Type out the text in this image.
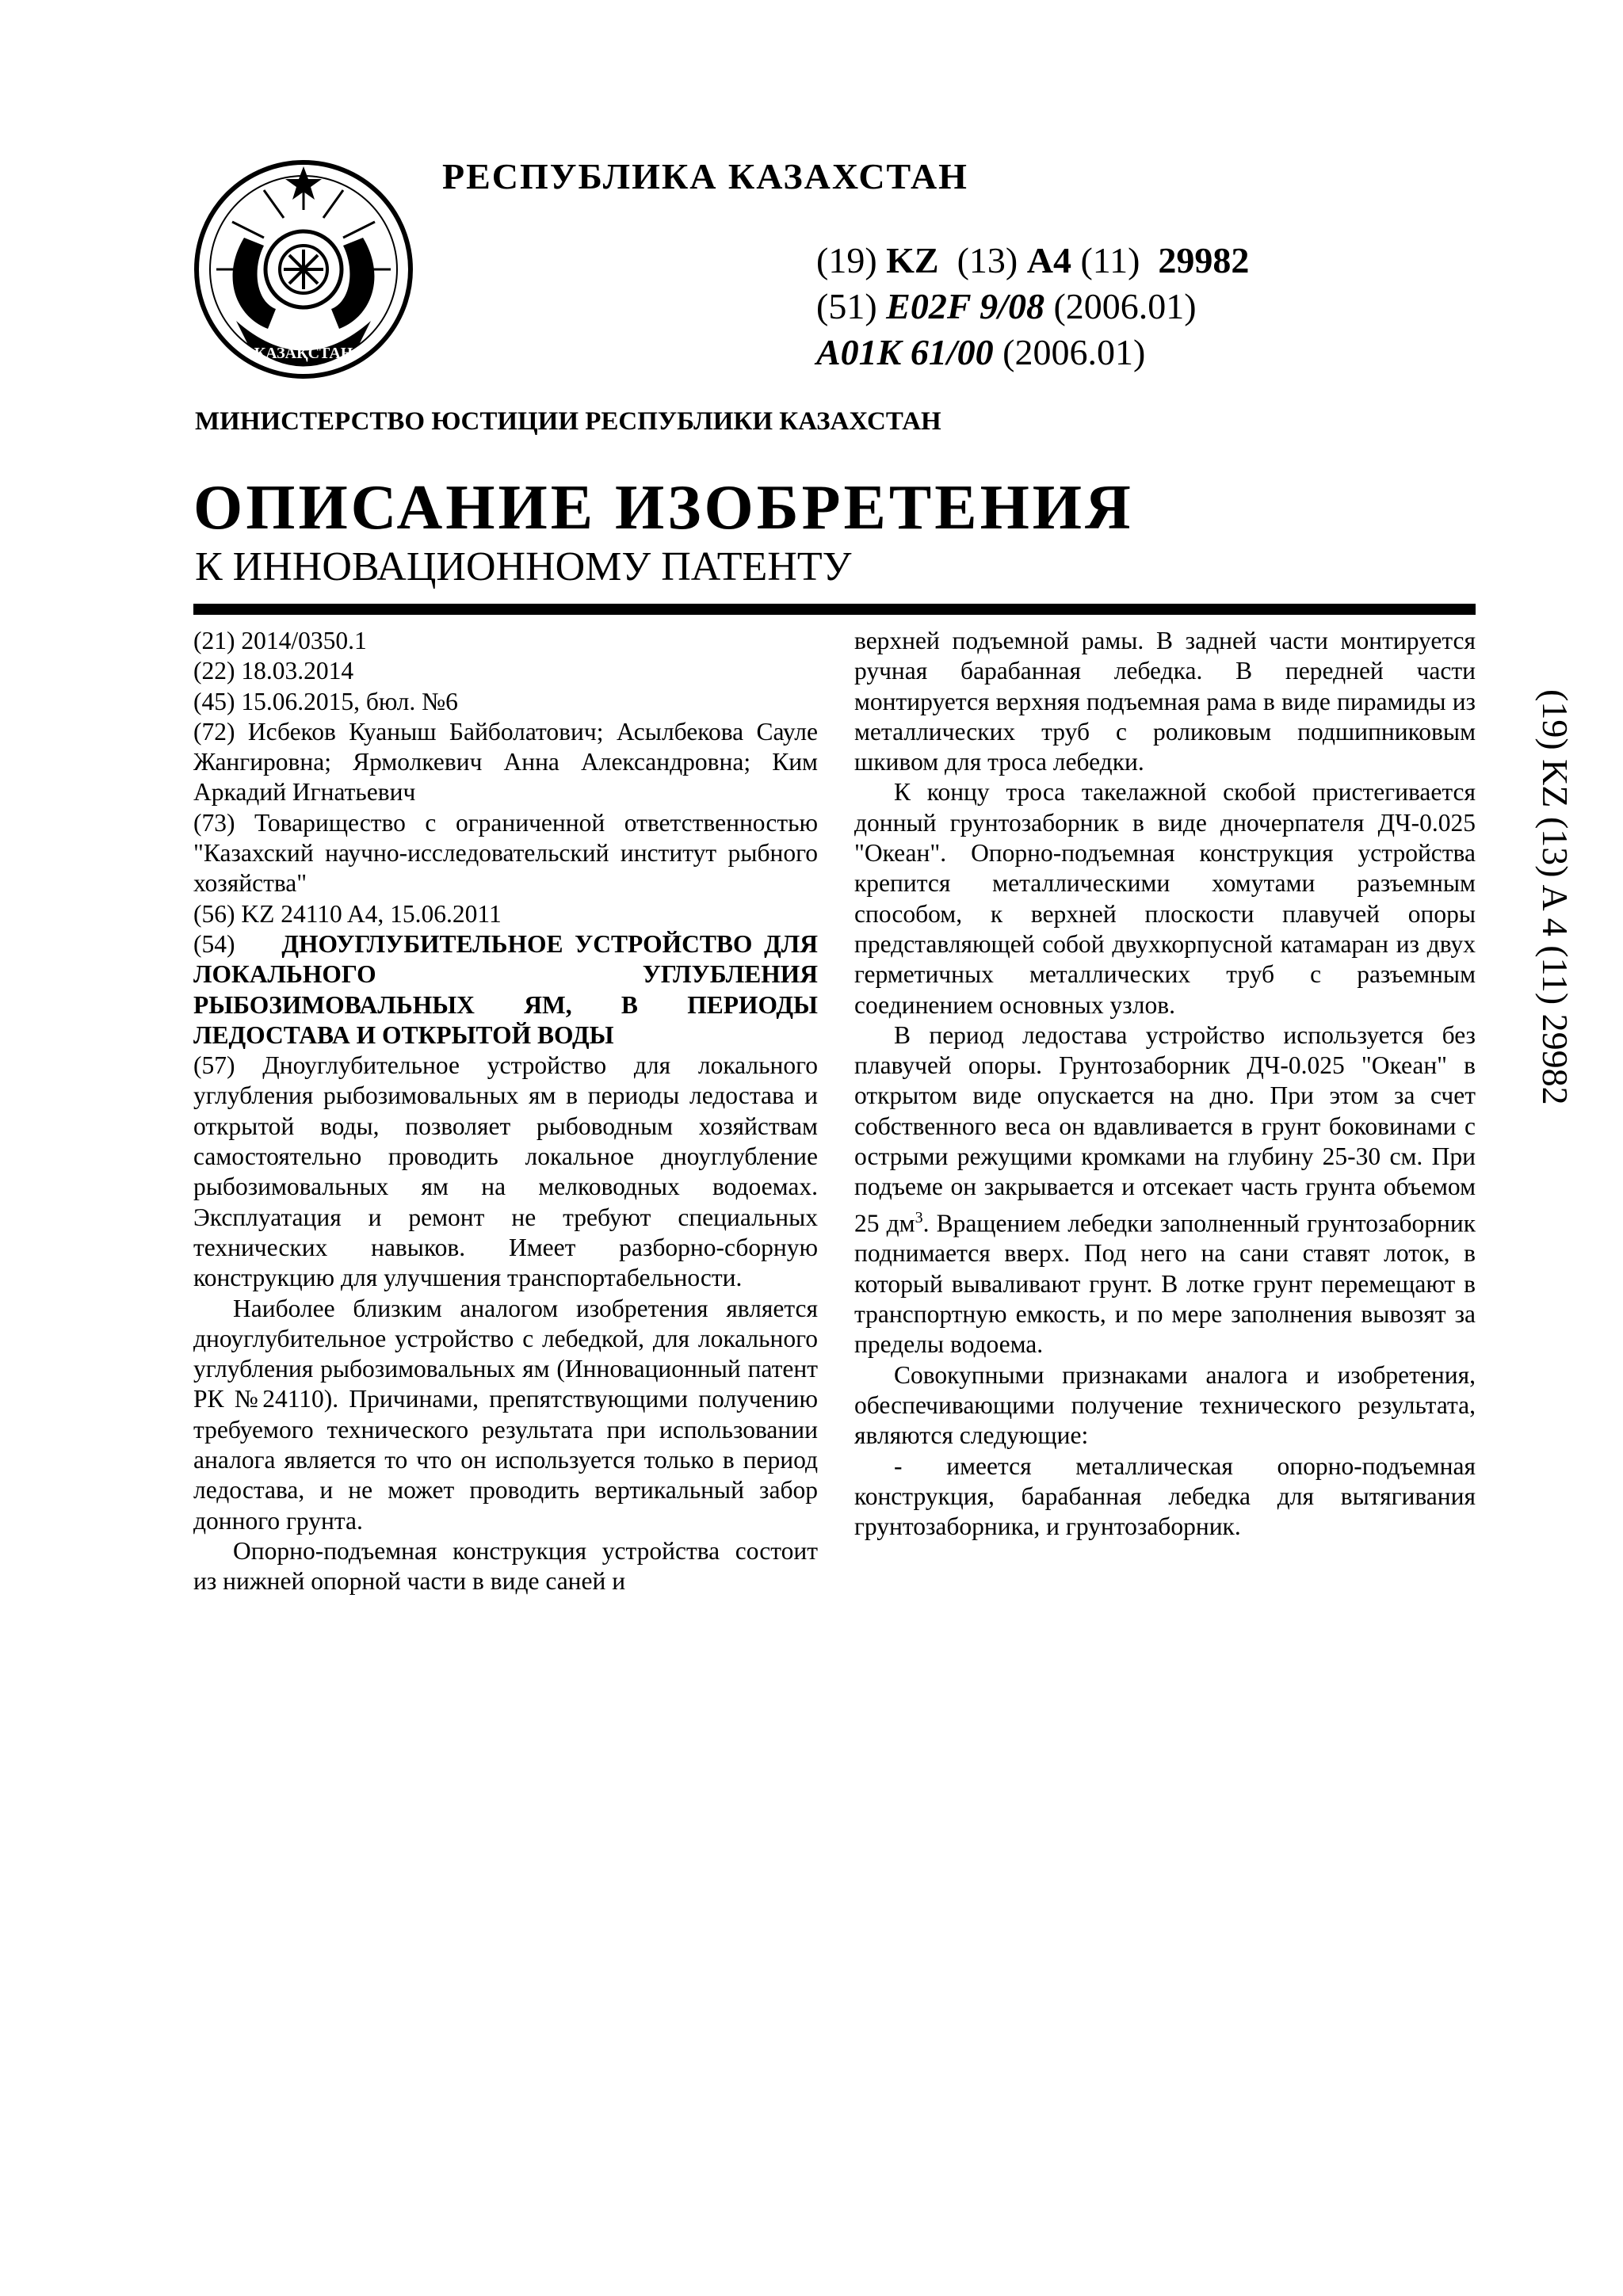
ҚАЗАҚСТАН
РЕСПУБЛИКА КАЗАХСТАН
(19) KZ (13) A4 (11) 29982
(51) E02F 9/08 (2006.01)
A01K 61/00 (2006.01)
МИНИСТЕРСТВО ЮСТИЦИИ РЕСПУБЛИКИ КАЗАХСТАН
ОПИСАНИЕ ИЗОБРЕТЕНИЯ
К ИННОВАЦИОННОМУ ПАТЕНТУ
(19) KZ (13) A 4 (11) 29982

(21) 2014/0350.1

(22) 18.03.2014

(45) 15.06.2015, бюл. №6

(72) Исбеков Куаныш Байболатович; Асылбекова Сауле Жангировна; Ярмолкевич Анна Александровна; Ким Аркадий Игнатьевич

(73) Товарищество с ограниченной ответственностью "Казахский научно-исследовательский институт рыбного хозяйства"

(56) KZ 24110 A4, 15.06.2011

(54) ДНОУГЛУБИТЕЛЬНОЕ УСТРОЙСТВО ДЛЯ ЛОКАЛЬНОГО УГЛУБЛЕНИЯ РЫБОЗИМОВАЛЬНЫХ ЯМ, В ПЕРИОДЫ ЛЕДОСТАВА И ОТКРЫТОЙ ВОДЫ

(57) Дноуглубительное устройство для локального углубления рыбозимовальных ям в периоды ледостава и открытой воды, позволяет рыбоводным хозяйствам самостоятельно проводить локальное дноуглубление рыбозимовальных ям на мелководных водоемах. Эксплуатация и ремонт не требуют специальных технических навыков. Имеет разборно-сборную конструкцию для улучшения транспортабельности.

Наиболее близким аналогом изобретения является дноуглубительное устройство с лебедкой, для локального углубления рыбозимовальных ям (Инновационный патент РК №24110). Причинами, препятствующими получению требуемого технического результата при использовании аналога является то что он используется только в период ледостава, и не может проводить вертикальный забор донного грунта.

Опорно-подъемная конструкция устройства состоит из нижней опорной части в виде саней и

верхней подъемной рамы. В задней части монтируется ручная барабанная лебедка. В передней части монтируется верхняя подъемная рама в виде пирамиды из металлических труб с роликовым подшипниковым шкивом для троса лебедки.

К концу троса такелажной скобой пристегивается донный грунтозаборник в виде дночерпателя ДЧ-0.025 "Океан". Опорно-подъемная конструкция устройства крепится металлическими хомутами разъемным способом, к верхней плоскости плавучей опоры представляющей собой двухкорпусной катамаран из двух герметичных металлических труб с разъемным соединением основных узлов.

В период ледостава устройство используется без плавучей опоры. Грунтозаборник ДЧ-0.025 "Океан" в открытом виде опускается на дно. При этом за счет собственного веса он вдавливается в грунт боковинами с острыми режущими кромками на глубину 25-30 см. При подъеме он закрывается и отсекает часть грунта объемом 25 $дм^3$. Вращением лебедки заполненный грунтозаборник поднимается вверх. Под него на сани ставят лоток, в который вываливают грунт. В лотке грунт перемещают в транспортную емкость, и по мере заполнения вывозят за пределы водоема.

Совокупными признаками аналога и изобретения, обеспечивающими получение технического результата, являются следующие:

- имеется металлическая опорно-подъемная конструкция, барабанная лебедка для вытягивания грунтозаборника, и грунтозаборник.
